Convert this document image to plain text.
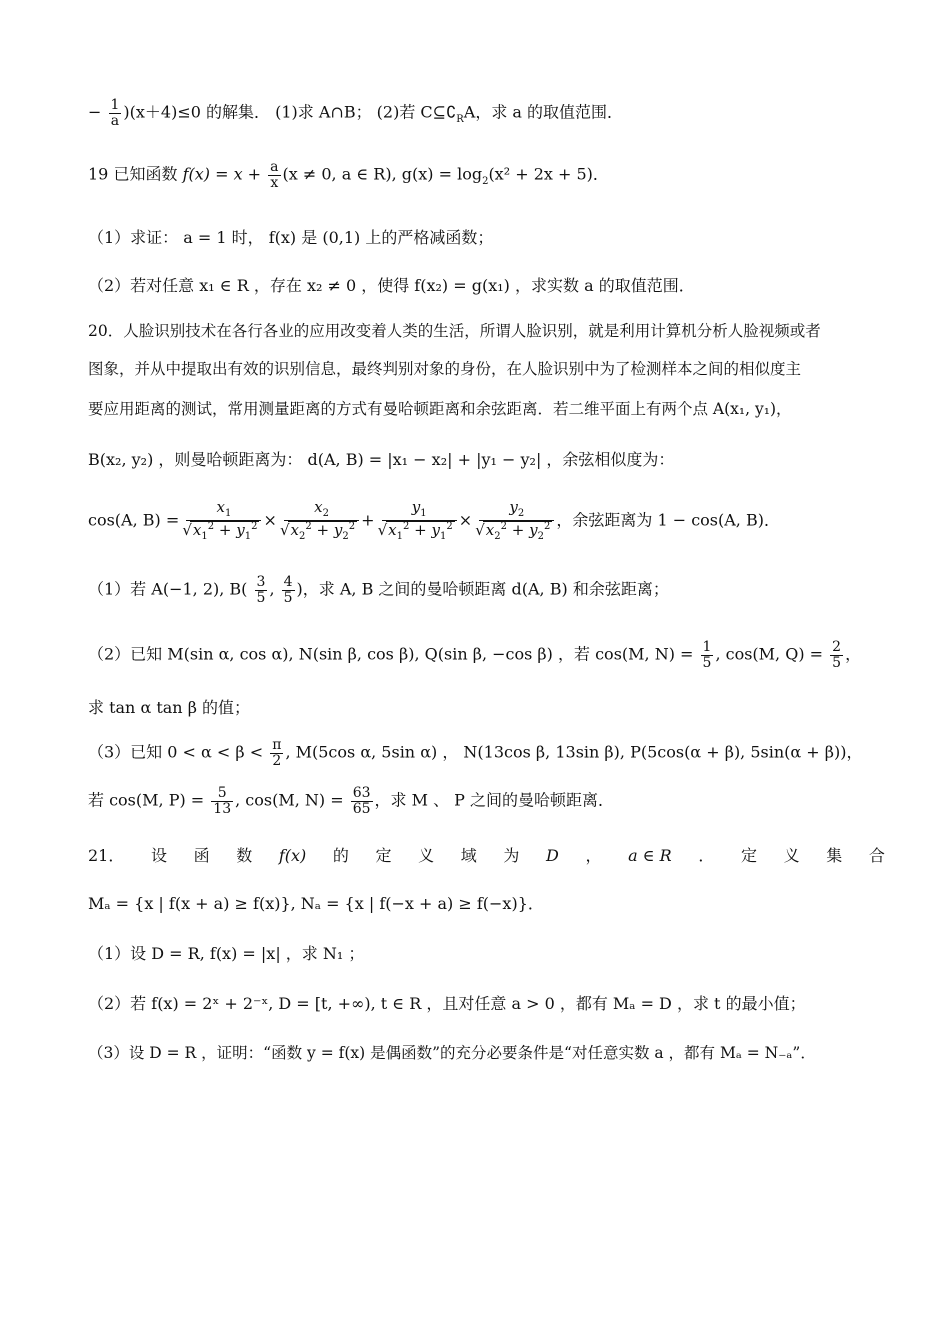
− $\frac{1}{a} )(x+4)\le 0$ 的解集． (1)求 A∩B； (2)若 $C⊆∁_RA$，求 a 的取值范围．
19 已知函数 $f(x) = x + \frac{a}{x} (x \ne 0$, a ∈ R), $g(x) = \log_2(x^2 + 2x + 5)$．
（1）求证： a = 1 时， f(x) 是 (0,1) 上的严格减函数；
（2）若对任意 x₁ ∈ R ，存在 x₂ ≠ 0 ，使得 f(x₂) = g(x₁) ，求实数 a 的取值范围．
20．人脸识别技术在各行各业的应用改变着人类的生活，所谓人脸识别，就是利用计算机分析人脸视频或者
图象，并从中提取出有效的识别信息，最终判别对象的身份，在人脸识别中为了检测样本之间的相似度主
要应用距离的测试，常用测量距离的方式有曼哈顿距离和余弦距离．若二维平面上有两个点 A(x₁, y₁)，
B(x₂, y₂) ，则曼哈顿距离为： d(A, B) = |x₁ − x₂| + |y₁ − y₂| ，余弦相似度为：
cos(A, $B) = x_1$
√ $x_1^2 + y_1^2 \times x_2$
√ $x_2^2 + y_2^2 + y_1$
√ $x_1^2 + y_1^2 \times y_2$
√ $x_2^2 + y_2^2$ ，余弦距离为 1 − cos(A, B)．
（1）若 A(−1, 2), $B( \frac{3}{5}$ , $\frac{4}{5}$ )，求 A, B 之间的曼哈顿距离 d(A, B) 和余弦距离；
（2）已知 M(sin α, cos α), N(sin β, cos β), Q(sin β, −cos β) ，若 cos(M, $N) = \frac{1}{5}$ , cos(M, $Q) = \frac{2}{5}$ ，
求 tan α tan β 的值；
（3）已知 $0 < \alpha < \beta < \frac{\pi}{2}$ , M(5cos α, 5sin α) ， N(13cos β, 13sin β), P(5cos(α + β), 5sin(α + β))，
若 cos(M, $P) = \frac{5}{13}$ , cos(M, $N) = \frac{63}{65}$ ，求 M 、 P 之间的曼哈顿距离．
21． 设 函 数 f(x) 的 定 义 域 为 D ， a ∈ R ． 定 义 集 合
Mₐ = {x | f(x + a) ≥ f(x)}, Nₐ = {x | f(−x + a) ≥ f(−x)}．
（1）设 D = R, f(x) = |x| ，求 N₁ ；
（2）若 f(x) = 2ˣ + 2⁻ˣ, D = [t, +∞), t ∈ R ，且对任意 a > 0 ，都有 Mₐ = D ，求 t 的最小值；
（3）设 D = R ，证明：“函数 y = f(x) 是偶函数”的充分必要条件是“对任意实数 a ，都有 Mₐ = N₋ₐ”．
